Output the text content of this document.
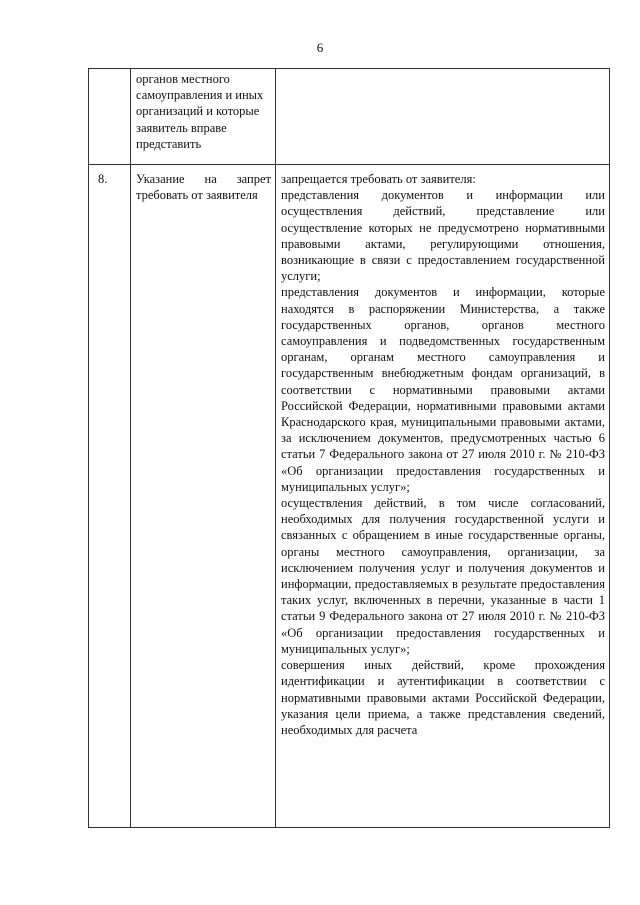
6
	органов местного самоуправления и иных организаций и которые заявитель вправе представить	
8.	Указание на запрет требовать от заявителя	запрещается требовать от заявителя:

представления документов и информации или осуществления действий, представление или осуществление которых не предусмотрено нормативными правовыми актами, регулирующими отношения, возникающие в связи с предоставлением государственной услуги;

представления документов и информации, которые находятся в распоряжении Министерства, а также государственных органов, органов местного самоуправления и подведомственных государственным органам, органам местного самоуправления и государственным внебюджетным фондам организаций, в соответствии с нормативными правовыми актами Российской Федерации, нормативными правовыми актами Краснодарского края, муниципальными правовыми актами, за исключением документов, предусмотренных частью 6 статьи 7 Федерального закона от 27 июля 2010 г. № 210-ФЗ «Об организации предоставления государственных и муниципальных услуг»;

осуществления действий, в том числе согласований, необходимых для получения государственной услуги и связанных с обращением в иные государственные органы, органы местного самоуправления, организации, за исключением получения услуг и получения документов и информации, предоставляемых в результате предоставления таких услуг, включенных в перечни, указанные в части 1 статьи 9 Федерального закона от 27 июля 2010 г. № 210-ФЗ «Об организации предоставления государственных и муниципальных услуг»;

совершения иных действий, кроме прохождения идентификации и аутентификации в соответствии с нормативными правовыми актами Российской Федерации, указания цели приема, а также представления сведений, необходимых для расчета
